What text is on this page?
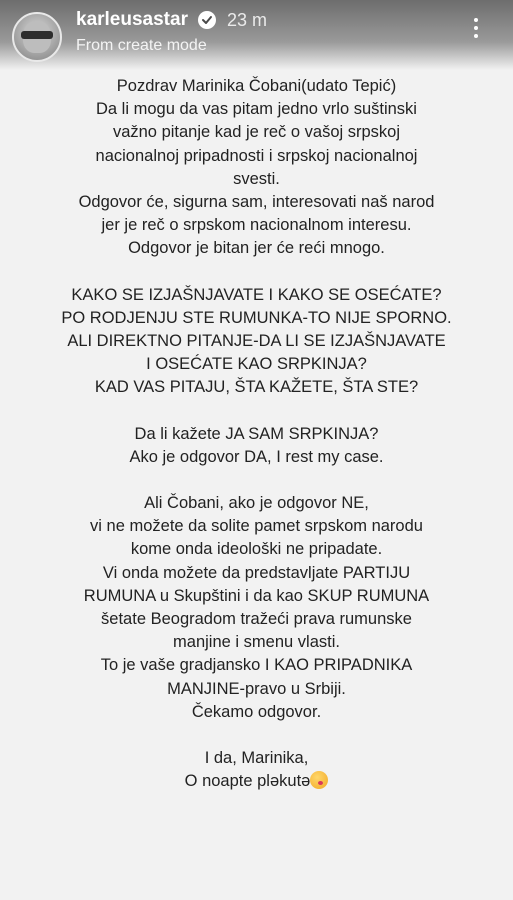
karleusastar 23 m
From create mode

Pozdrav Marinika Čobani(udato Tepić)
Da li mogu da vas pitam jedno vrlo suštinski
važno pitanje kad je reč o vašoj srpskoj
nacionalnoj pripadnosti i srpskoj nacionalnoj
svesti.
Odgovor će, sigurna sam, interesovati naš narod
jer je reč o srpskom nacionalnom interesu.
Odgovor je bitan jer će reći mnogo.

KAKO SE IZJAŠNJAVATE I KAKO SE OSEĆATE?
PO RODJENJU STE RUMUNKA-TO NIJE SPORNO.
ALI DIREKTNO PITANJE-DA LI SE IZJAŠNJAVATE
I OSEĆATE KAO SRPKINJA?
KAD VAS PITAJU, ŠTA KAŽETE, ŠTA STE?

Da li kažete JA SAM SRPKINJA?
Ako je odgovor DA, I rest my case.

Ali Čobani, ako je odgovor NE,
vi ne možete da solite pamet srpskom narodu
kome onda ideološki ne pripadate.
Vi onda možete da predstavljate PARTIJU
RUMUNA u Skupštini i da kao SKUP RUMUNA
šetate Beogradom tražeći prava rumunske
manjine i smenu vlasti.
To je vaše gradjansko I KAO PRIPADNIKA
MANJINE-pravo u Srbiji.
Čekamo odgovor.

I da, Marinika,
O noapte plәkutә
